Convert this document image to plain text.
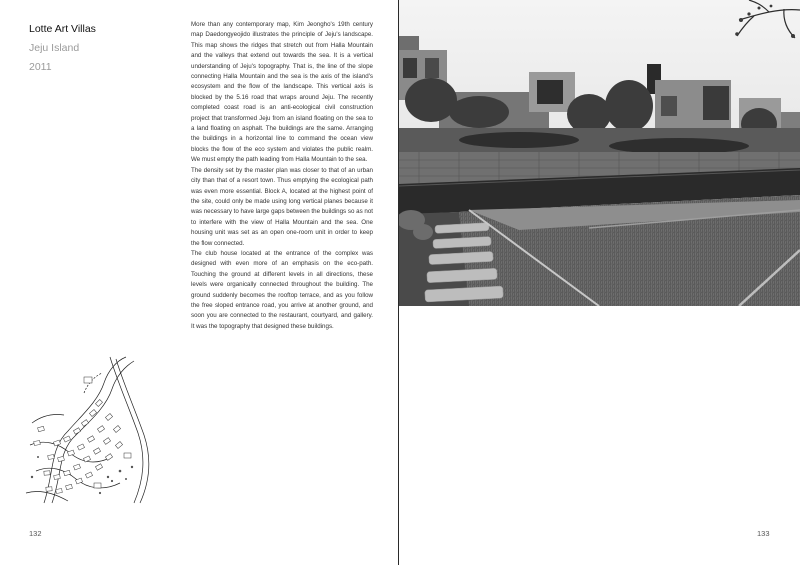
Lotte Art Villas
Jeju Island
2011

More than any contemporary map, Kim Jeongho's 19th century map Daedongyeojido illustrates the principle of Jeju's landscape. This map shows the ridges that stretch out from Halla Mountain and the valleys that extend out towards the sea. It is a vertical understanding of Jeju's topography. That is, the line of the slope connecting Halla Mountain and the sea is the axis of the island's ecosystem and the flow of the landscape. This vertical axis is blocked by the 5.16 road that wraps around Jeju. The recently completed coast road is an anti-ecological civil construction project that transformed Jeju from an island floating on the sea to a land floating on asphalt. The buildings are the same. Arranging the buildings in a horizontal line to command the ocean view blocks the flow of the eco system and violates the public realm. We must empty the path leading from Halla Mountain to the sea.

The density set by the master plan was closer to that of an urban city than that of a resort town. Thus emptying the ecological path was even more essential. Block A, located at the highest point of the site, could only be made using long vertical planes because it was necessary to have large gaps between the buildings so as not to interfere with the view of Halla Mountain and the sea. One housing unit was set as an open one-room unit in order to keep the flow connected.

The club house located at the entrance of the complex was designed with even more of an emphasis on the eco-path. Touching the ground at different levels in all directions, these levels were organically connected throughout the building. The ground suddenly becomes the rooftop terrace, and as you follow the free sloped entrance road, you arrive at another ground, and soon you are connected to the restaurant, courtyard, and gallery. It was the topography that designed these buildings.

132	133
